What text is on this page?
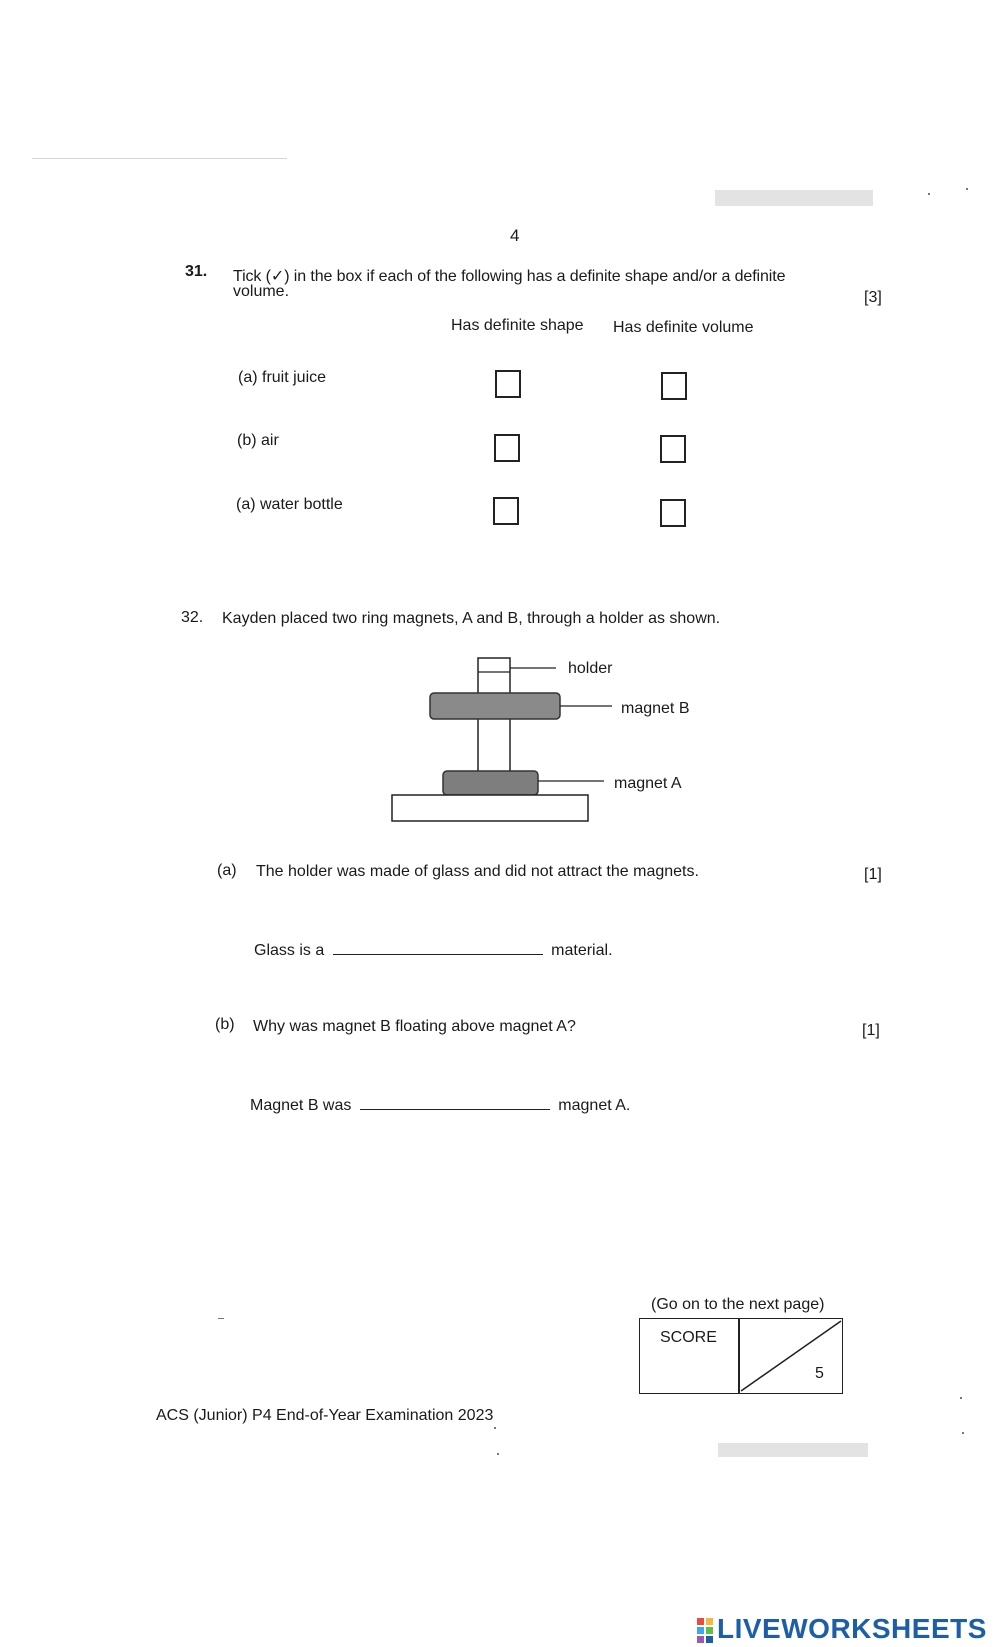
4
31. Tick (✓) in the box if each of the following has a definite shape and/or a definite
volume.	[3]
Has definite shape Has definite volume
(a) fruit juice
(b) air
(a) water bottle
32. Kayden placed two ring magnets, A and B, through a holder as shown.
holder
magnet B
magnet A
(a) The holder was made of glass and did not attract the magnets.	[1]
Glass is a	material.
(b) Why was magnet B floating above magnet A?	[1]
Magnet B was	magnet A.
(Go on to the next page)
SCORE
5
ACS (Junior) P4 End-of-Year Examination 2023
LIVEWORKSHEETS
